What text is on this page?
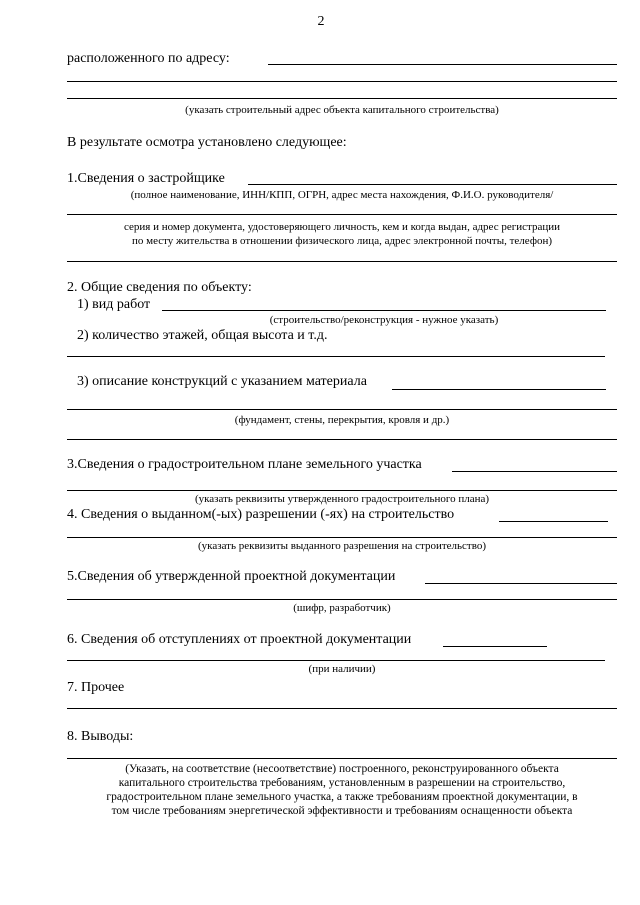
2
расположенного по адресу:
(указать строительный адрес объекта капитального строительства)
В результате осмотра установлено следующее:
1.Сведения о застройщике
(полное наименование, ИНН/КПП, ОГРН, адрес места нахождения, Ф.И.О. руководителя/
серия и номер документа, удостоверяющего личность, кем и когда выдан, адрес регистрации
по месту жительства в отношении физического лица, адрес электронной почты, телефон)
2. Общие сведения по объекту:
1) вид работ
(строительство/реконструкция - нужное указать)
2) количество этажей, общая высота и т.д.
3) описание конструкций с указанием материала
(фундамент, стены, перекрытия, кровля и др.)
3.Сведения о градостроительном плане земельного участка
(указать реквизиты утвержденного градостроительного плана)
4. Сведения о выданном(-ых) разрешении (-ях) на строительство
(указать реквизиты выданного разрешения на строительство)
5.Сведения об утвержденной проектной документации
(шифр, разработчик)
6. Сведения об отступлениях от проектной документации
(при наличии)
7. Прочее
8. Выводы:
(Указать, на соответствие (несоответствие) построенного, реконструированного объекта
капитального строительства требованиям, установленным в разрешении на строительство,
градостроительном плане земельного участка, а также требованиям проектной документации, в
том числе требованиям энергетической эффективности и требованиям оснащенности объекта
